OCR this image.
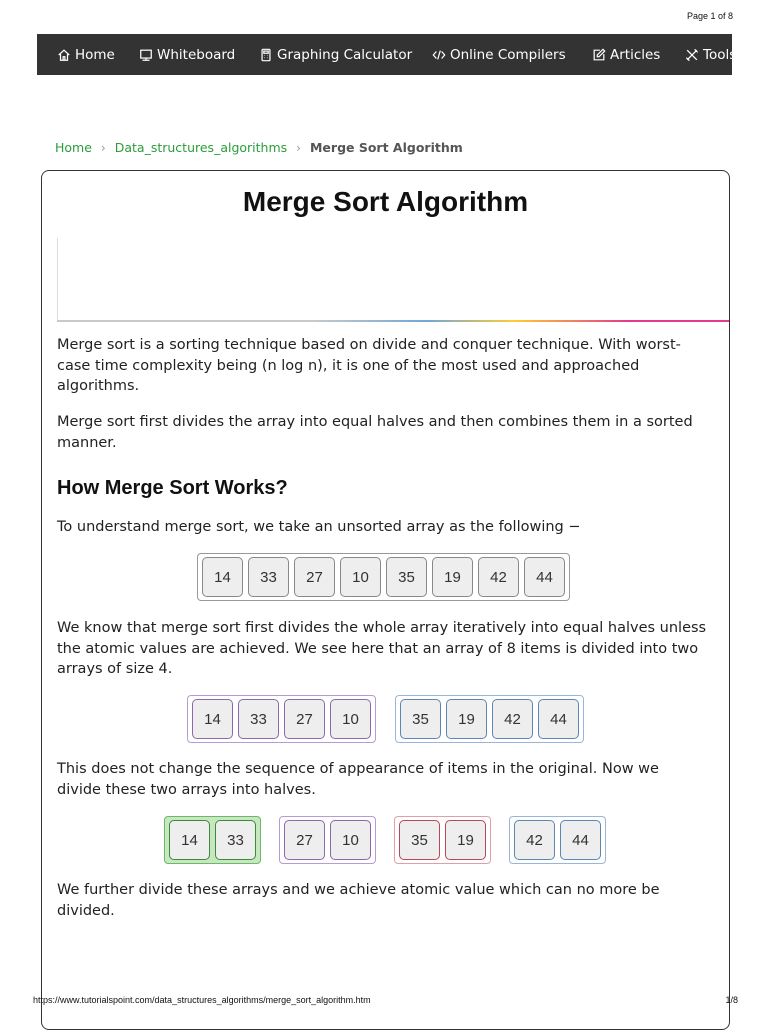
Page 1 of 8
Home	Whiteboard	Graphing Calculator	Online Compilers	Articles	Tools
Home › Data_structures_algorithms › Merge Sort Algorithm
Merge Sort Algorithm

Merge sort is a sorting technique based on divide and conquer technique. With worst-case time complexity being (n log n), it is one of the most used and approached algorithms.

Merge sort first divides the array into equal halves and then combines them in a sorted manner.

How Merge Sort Works?

To understand merge sort, we take an unsorted array as the following −

14	33	27	10	35	19	42	44

We know that merge sort first divides the whole array iteratively into equal halves unless the atomic values are achieved. We see here that an array of 8 items is divided into two arrays of size 4.

14	33	27	10	35	19	42	44

This does not change the sequence of appearance of items in the original. Now we divide these two arrays into halves.

14	33	27	10	35	19	42	44

We further divide these arrays and we achieve atomic value which can no more be divided.

https://www.tutorialspoint.com/data_structures_algorithms/merge_sort_algorithm.htm	1/8
